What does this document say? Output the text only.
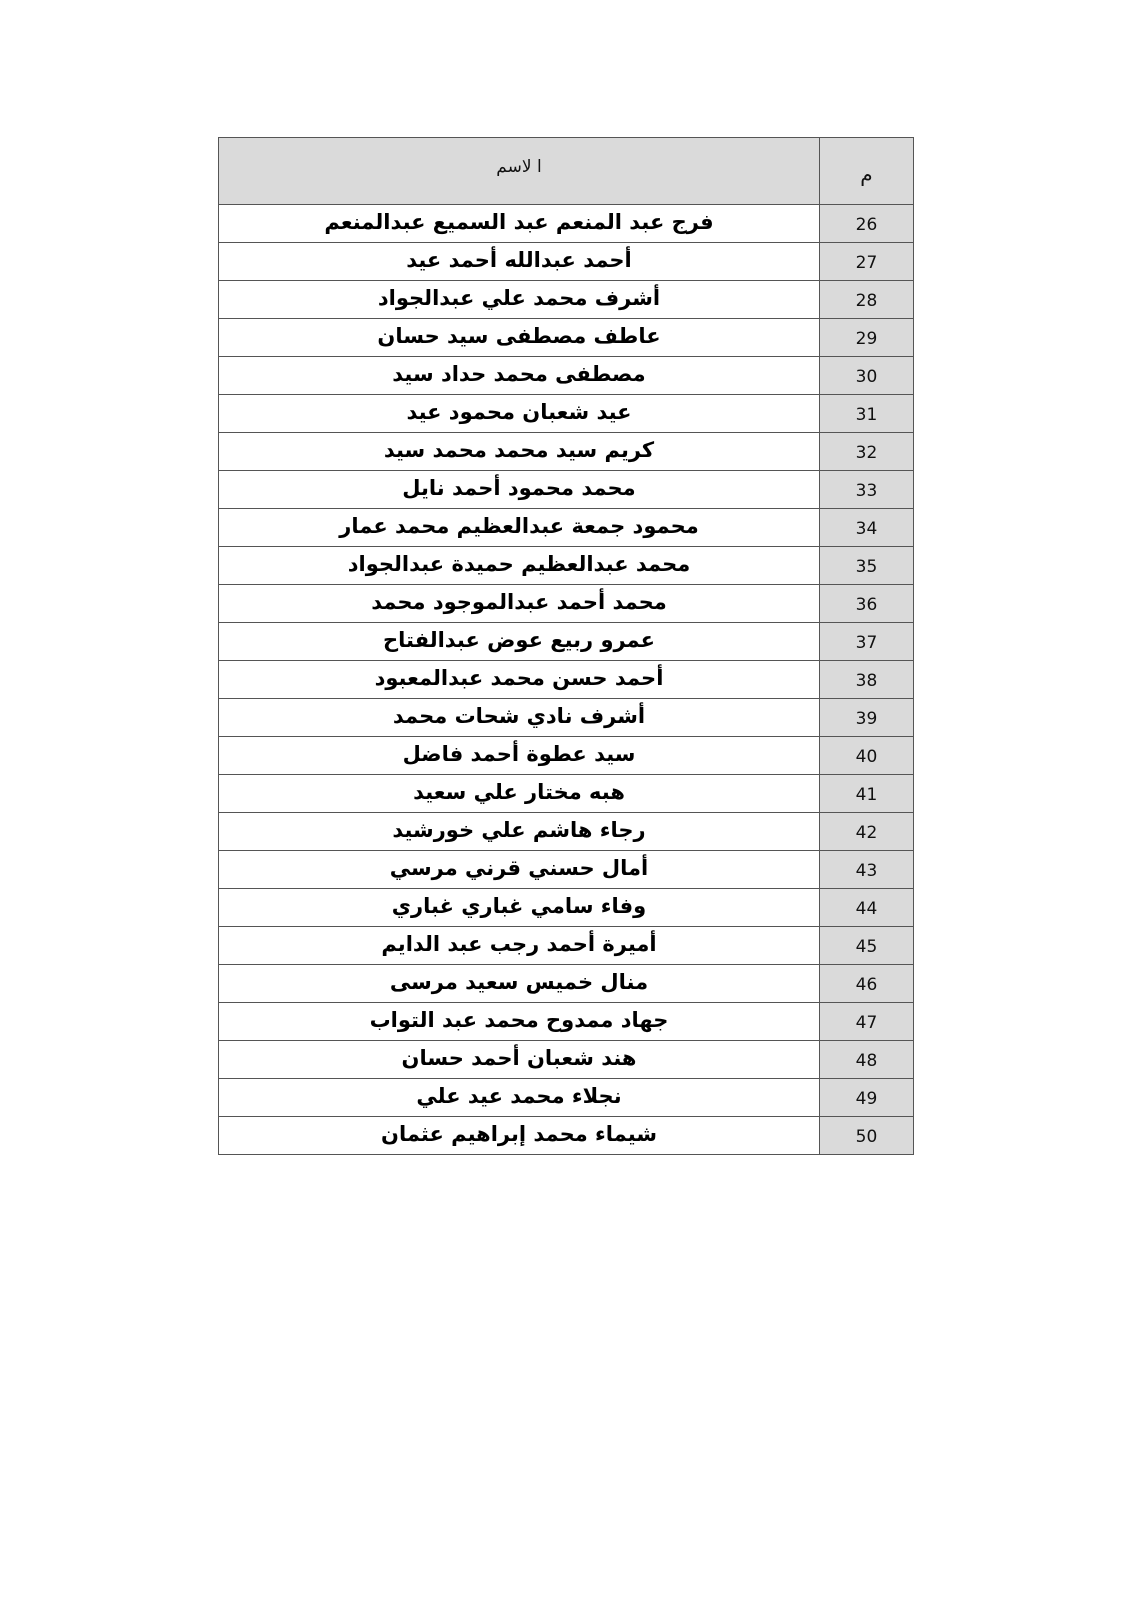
م	ا لاسم
26	فرج عبد المنعم عبد السميع عبدالمنعم
27	أحمد عبدالله أحمد عيد
28	أشرف محمد علي عبدالجواد
29	عاطف مصطفى سيد حسان
30	مصطفى محمد حداد سيد
31	عيد شعبان محمود عيد
32	كريم سيد محمد محمد سيد
33	محمد محمود أحمد نايل
34	محمود جمعة عبدالعظيم محمد عمار
35	محمد عبدالعظيم حميدة عبدالجواد
36	محمد أحمد عبدالموجود محمد
37	عمرو ربيع عوض عبدالفتاح
38	أحمد حسن محمد عبدالمعبود
39	أشرف نادي شحات محمد
40	سيد عطوة أحمد فاضل
41	هبه مختار علي سعيد
42	رجاء هاشم علي خورشيد
43	أمال حسني قرني مرسي
44	وفاء سامي غباري غباري
45	أميرة أحمد رجب عبد الدايم
46	منال خميس سعيد مرسى
47	جهاد ممدوح محمد عبد التواب
48	هند شعبان أحمد حسان
49	نجلاء محمد عيد علي
50	شيماء محمد إبراهيم عثمان
